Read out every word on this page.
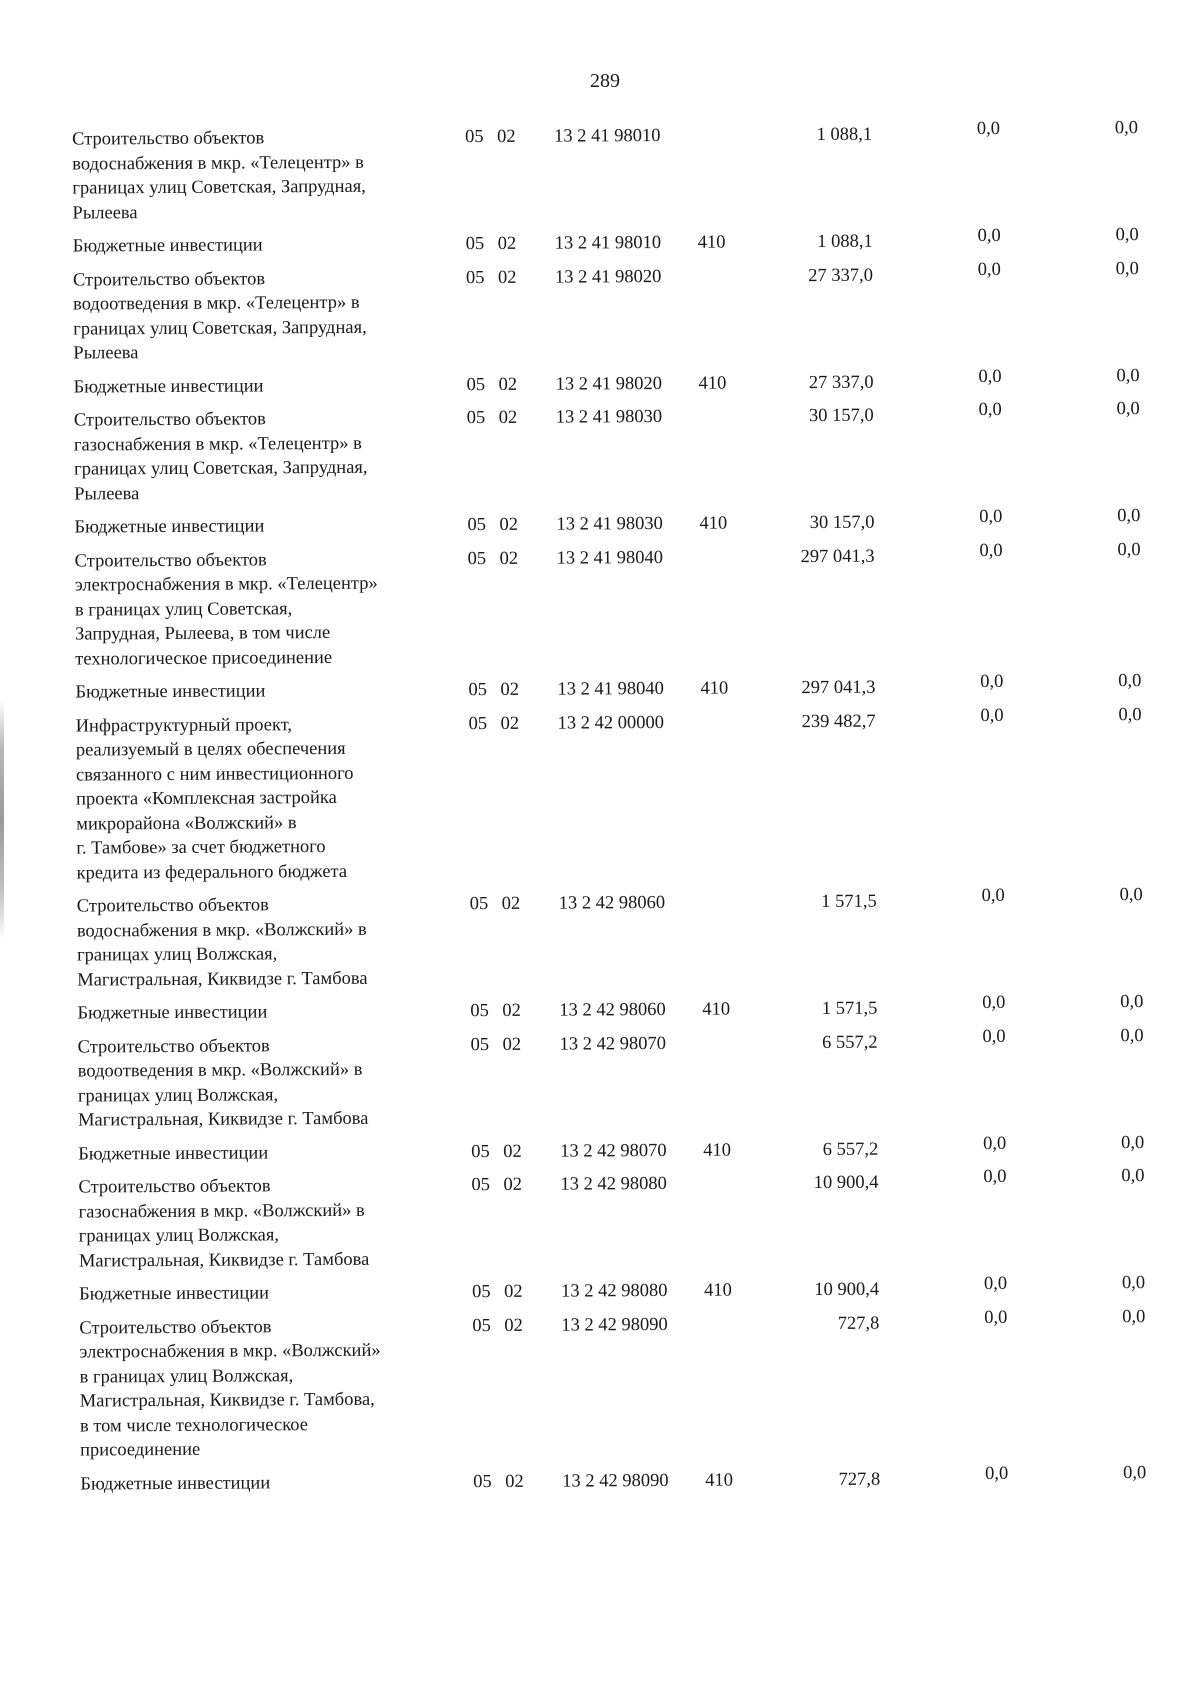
289
Строительство объектов
водоснабжения в мкр. «Телецентр» в
границах улиц Советская, Запрудная,
Рылеева
05 02 13 2 41 98010	1 088,1	0,0	0,0
Бюджетные инвестиции	05 02 13 2 41 98010 410	1 088,1	0,0	0,0
Строительство объектов
водоотведения в мкр. «Телецентр» в
границах улиц Советская, Запрудная,
Рылеева
05 02 13 2 41 98020	27 337,0	0,0	0,0
Бюджетные инвестиции	05 02 13 2 41 98020 410	27 337,0	0,0	0,0
Строительство объектов
газоснабжения в мкр. «Телецентр» в
границах улиц Советская, Запрудная,
Рылеева
05 02 13 2 41 98030	30 157,0	0,0	0,0
Бюджетные инвестиции	05 02 13 2 41 98030 410	30 157,0	0,0	0,0
Строительство объектов
электроснабжения в мкр. «Телецентр»
в границах улиц Советская,
Запрудная, Рылеева, в том числе
технологическое присоединение
05 02 13 2 41 98040	297 041,3	0,0	0,0
Бюджетные инвестиции	05 02 13 2 41 98040 410	297 041,3	0,0	0,0
Инфраструктурный проект,
реализуемый в целях обеспечения
связанного с ним инвестиционного
проекта «Комплексная застройка
микрорайона «Волжский» в
г. Тамбове» за счет бюджетного
кредита из федерального бюджета
05 02 13 2 42 00000	239 482,7	0,0	0,0
Строительство объектов
водоснабжения в мкр. «Волжский» в
границах улиц Волжская,
Магистральная, Киквидзе г. Тамбова
05 02 13 2 42 98060	1 571,5	0,0	0,0
Бюджетные инвестиции	05 02 13 2 42 98060 410	1 571,5	0,0	0,0
Строительство объектов
водоотведения в мкр. «Волжский» в
границах улиц Волжская,
Магистральная, Киквидзе г. Тамбова
05 02 13 2 42 98070	6 557,2	0,0	0,0
Бюджетные инвестиции	05 02 13 2 42 98070 410	6 557,2	0,0	0,0
Строительство объектов
газоснабжения в мкр. «Волжский» в
границах улиц Волжская,
Магистральная, Киквидзе г. Тамбова
05 02 13 2 42 98080	10 900,4	0,0	0,0
Бюджетные инвестиции	05 02 13 2 42 98080 410	10 900,4	0,0	0,0
Строительство объектов
электроснабжения в мкр. «Волжский»
в границах улиц Волжская,
Магистральная, Киквидзе г. Тамбова,
в том числе технологическое
присоединение
05 02 13 2 42 98090	727,8	0,0	0,0
Бюджетные инвестиции	05 02 13 2 42 98090 410	727,8	0,0	0,0
